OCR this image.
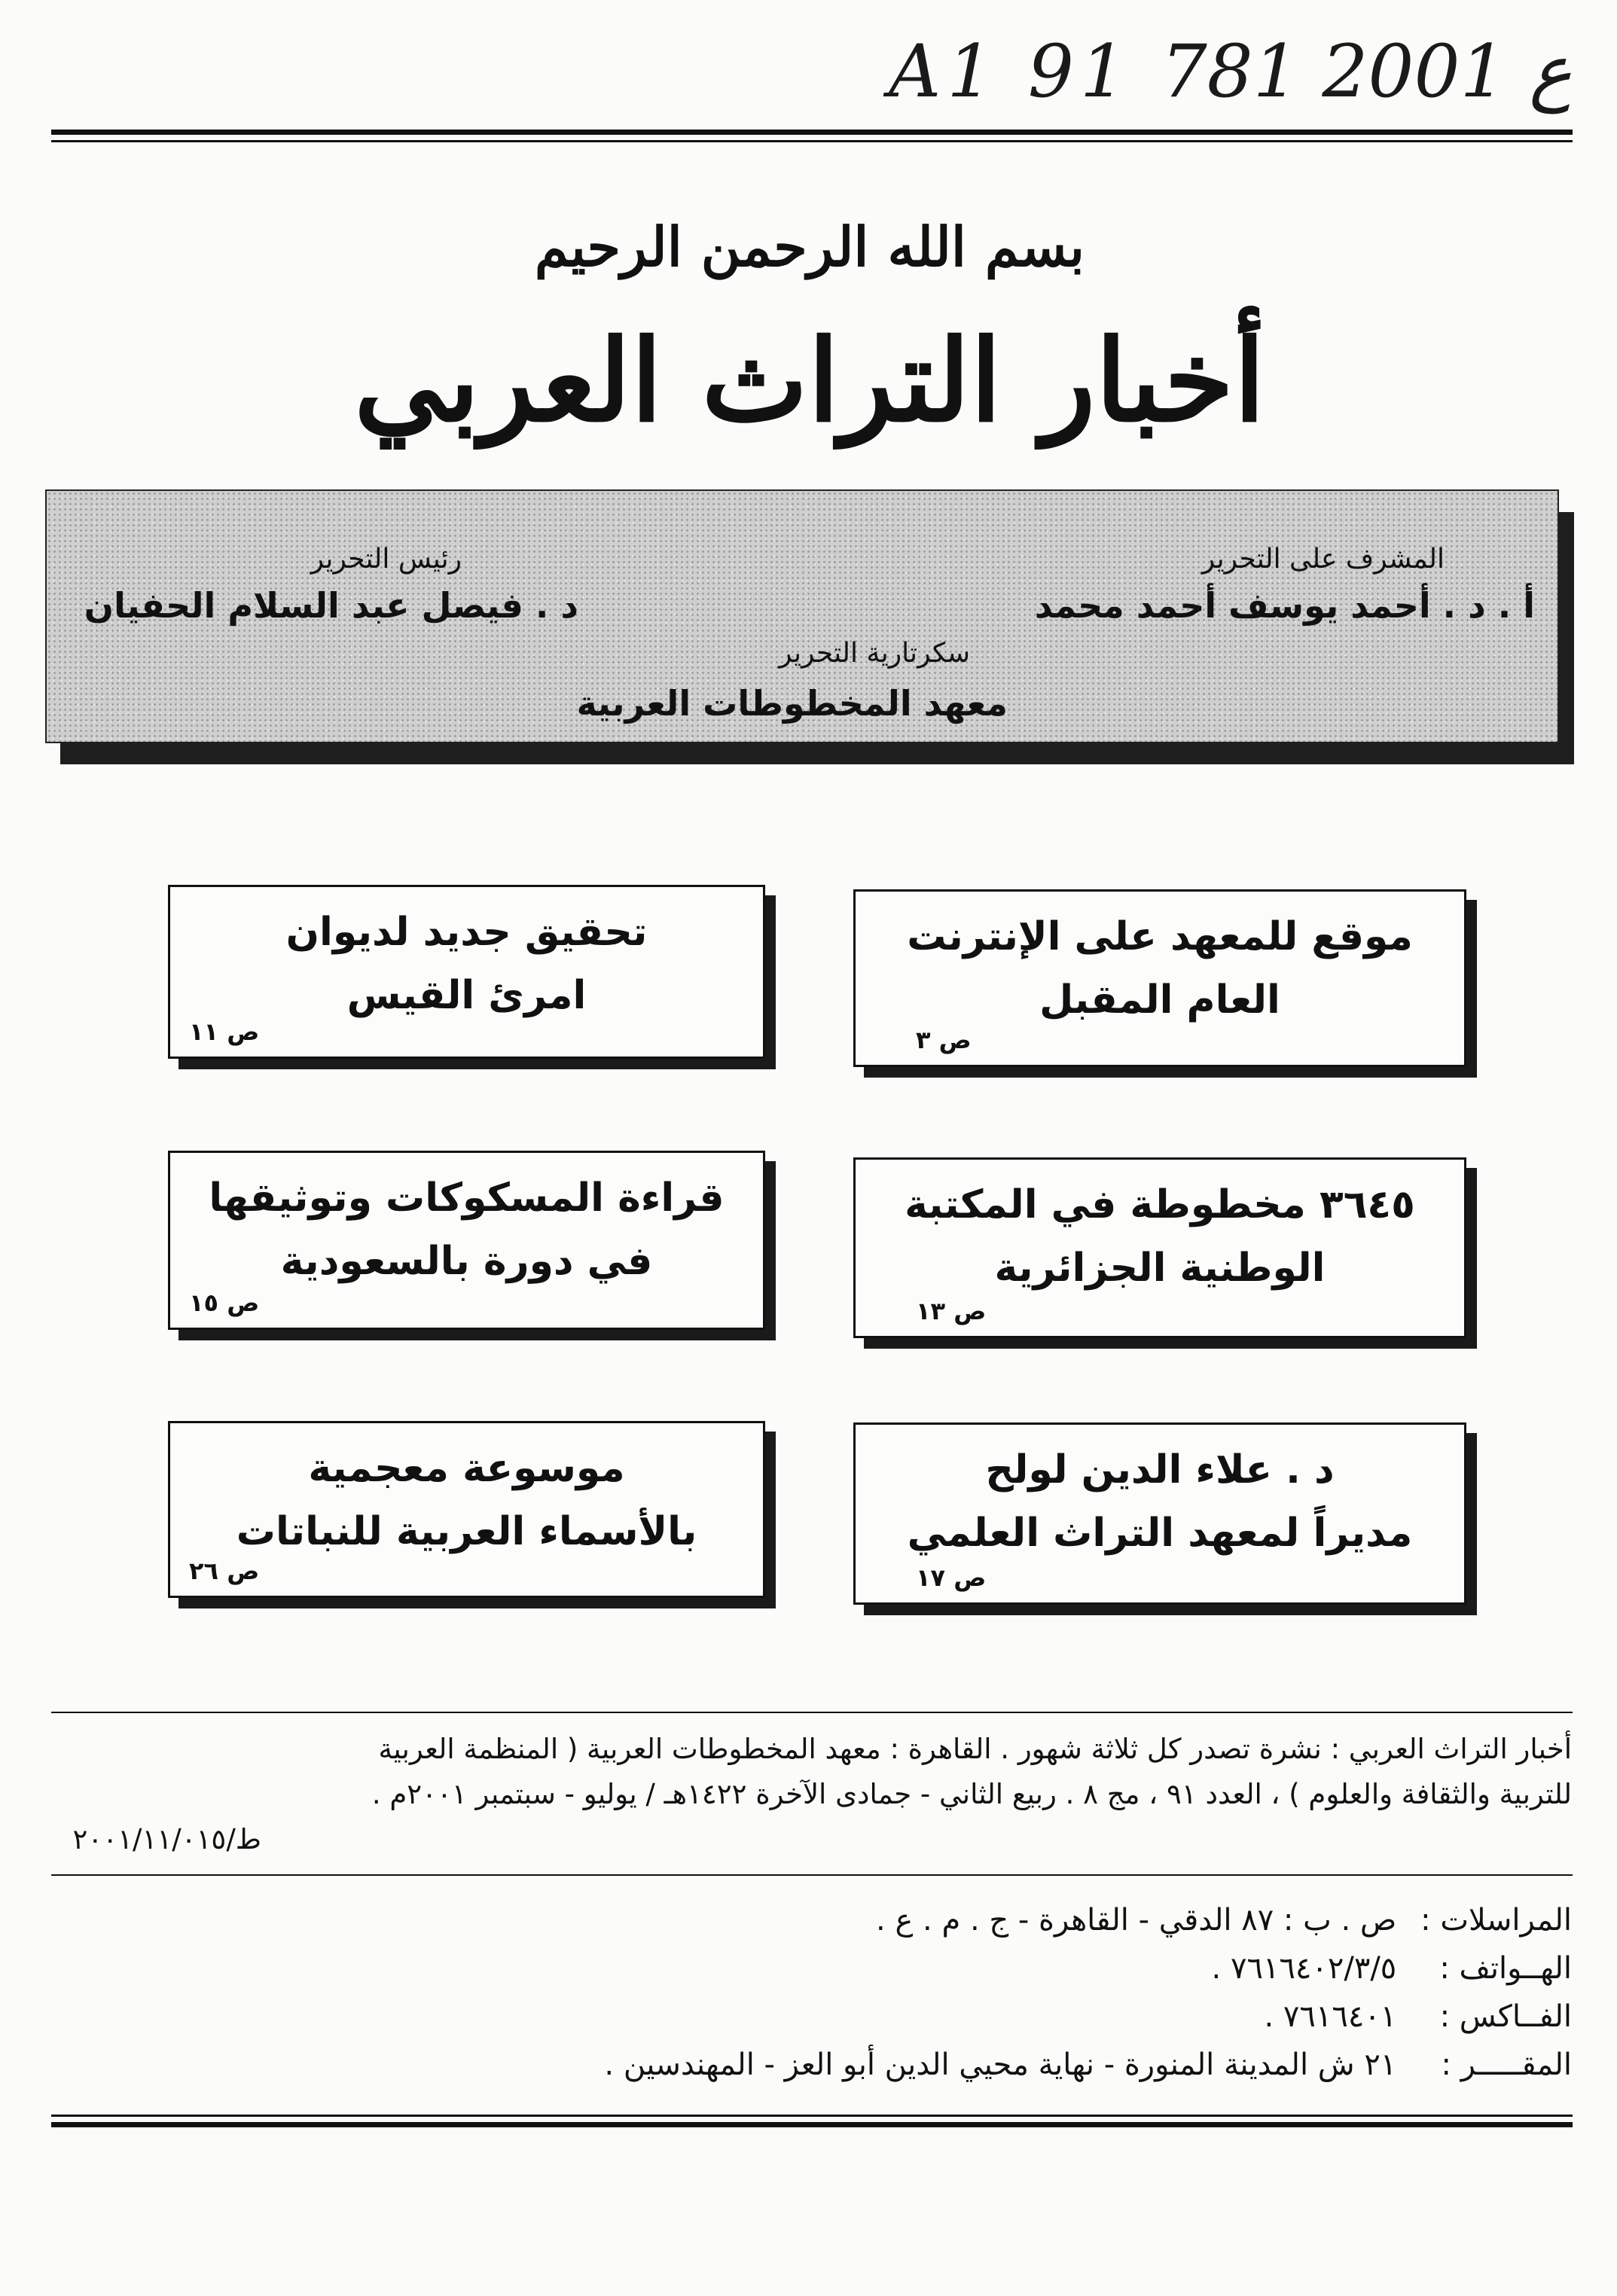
A1 91 ع 2001 781
بسم الله الرحمن الرحيم
أخبار التراث العربي
المشرف على التحرير
أ . د . أحمد يوسف أحمد محمد
رئيس التحرير
د . فيصل عبد السلام الحفيان
سكرتارية التحرير
معهد المخطوطات العربية
موقع للمعهد على الإنترنت
العام المقبل
ص ٣
٣٦٤٥ مخطوطة في المكتبة
الوطنية الجزائرية
ص ١٣
د . علاء الدين لولح
مديراً لمعهد التراث العلمي
ص ١٧
تحقيق جديد لديوان
امرئ القيس
ص ١١
قراءة المسكوكات وتوثيقها
في دورة بالسعودية
ص ١٥
موسوعة معجمية
بالأسماء العربية للنباتات
ص ٢٦
أخبار التراث العربي : نشرة تصدر كل ثلاثة شهور . القاهرة : معهد المخطوطات العربية ( المنظمة العربية
للتربية والثقافة والعلوم ) ، العدد ٩١ ، مج ٨ . ربيع الثاني - جمادى الآخرة ١٤٢٢هـ / يوليو - سبتمبر ٢٠٠١م .
ط/٢٠٠١/١١/٠١٥
المراسلات : ص . ب : ٨٧ الدقي - القاهرة - ج . م . ع .
الهــواتف : ٧٦١٦٤٠٢/٣/٥ .
الفــاكس : ٧٦١٦٤٠١ .
المقـــــر : ٢١ ش المدينة المنورة - نهاية محيي الدين أبو العز - المهندسين .
